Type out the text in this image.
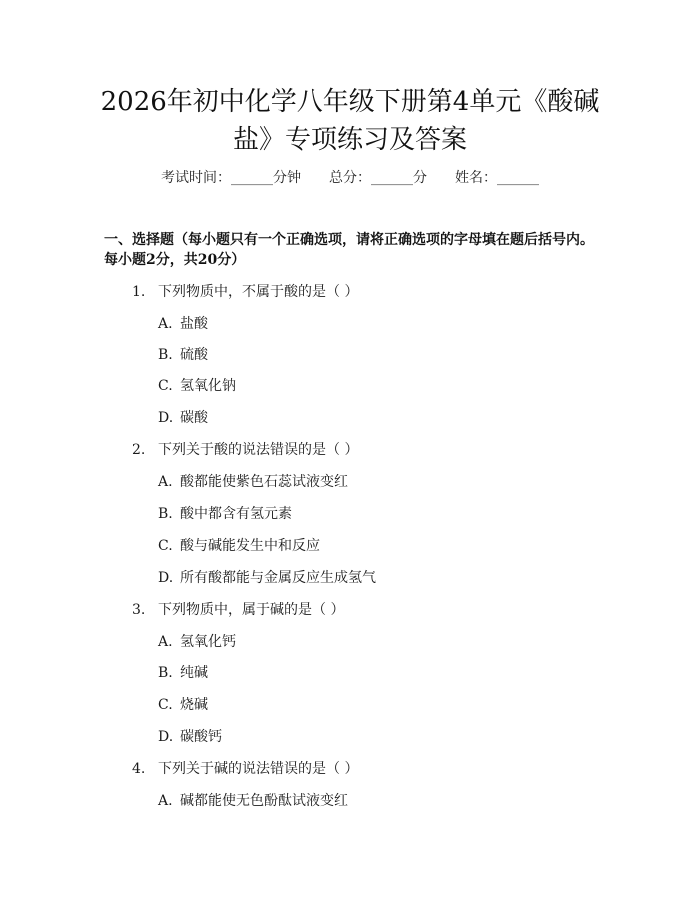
2026年初中化学八年级下册第4单元《酸碱
盐》专项练习及答案
考试时间：______分钟 总分：______分 姓名：______
一、选择题（每小题只有一个正确选项，请将正确选项的字母填在题后括号内。
每小题2分，共20分）
1. 下列物质中，不属于酸的是（ ）
A. 盐酸
B. 硫酸
C. 氢氧化钠
D. 碳酸
2. 下列关于酸的说法错误的是（ ）
A. 酸都能使紫色石蕊试液变红
B. 酸中都含有氢元素
C. 酸与碱能发生中和反应
D. 所有酸都能与金属反应生成氢气
3. 下列物质中，属于碱的是（ ）
A. 氢氧化钙
B. 纯碱
C. 烧碱
D. 碳酸钙
4. 下列关于碱的说法错误的是（ ）
A. 碱都能使无色酚酞试液变红
